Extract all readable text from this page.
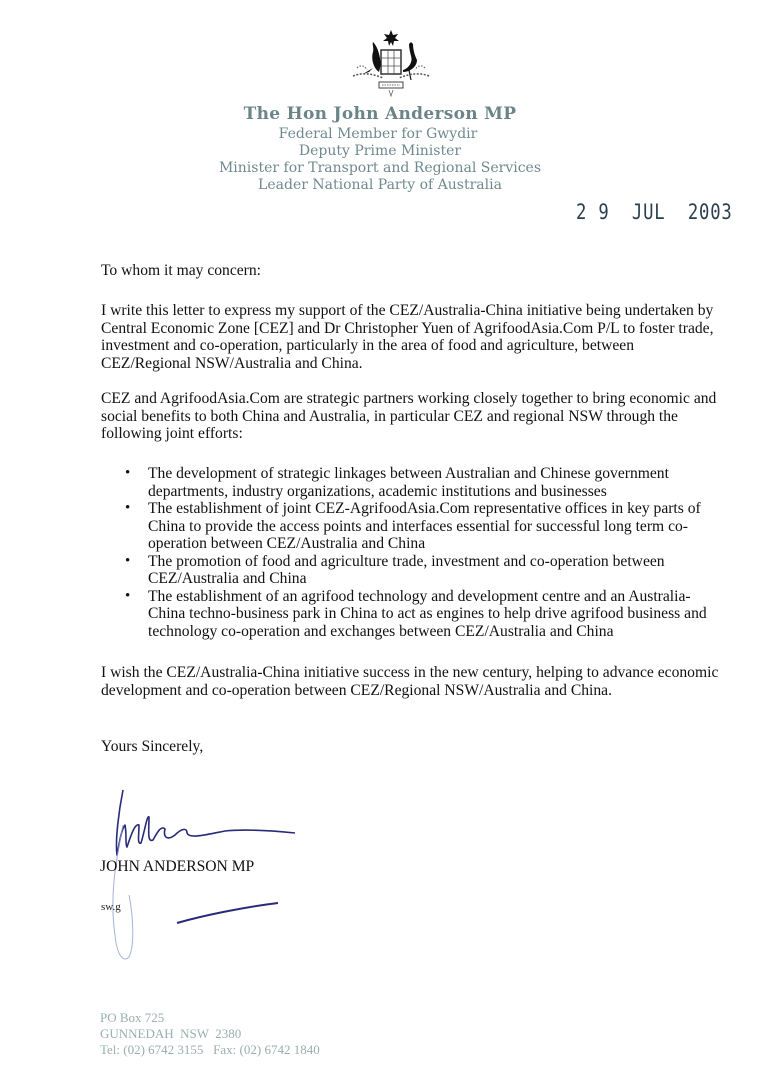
The Hon John Anderson MP
Federal Member for Gwydir
Deputy Prime Minister
Minister for Transport and Regional Services
Leader National Party of Australia
2 9  JUL  2003
To whom it may concern:
I write this letter to express my support of the CEZ/Australia-China initiative being undertaken by Central Economic Zone [CEZ] and Dr Christopher Yuen of AgrifoodAsia.Com P/L to foster trade, investment and co-operation, particularly in the area of food and agriculture, between CEZ/Regional NSW/Australia and China.
CEZ and AgrifoodAsia.Com are strategic partners working closely together to bring economic and social benefits to both China and Australia, in particular CEZ and regional NSW through the following joint efforts:
• The development of strategic linkages between Australian and Chinese government departments, industry organizations, academic institutions and businesses
• The establishment of joint CEZ-AgrifoodAsia.Com representative offices in key parts of China to provide the access points and interfaces essential for successful long term co-operation between CEZ/Australia and China
• The promotion of food and agriculture trade, investment and co-operation between CEZ/Australia and China
• The establishment of an agrifood technology and development centre and an Australia-China techno-business park in China to act as engines to help drive agrifood business and technology co-operation and exchanges between CEZ/Australia and China
I wish the CEZ/Australia-China initiative success in the new century, helping to advance economic development and co-operation between CEZ/Regional NSW/Australia and China.
Yours Sincerely,
JOHN ANDERSON MP
sw.g
PO Box 725
GUNNEDAH  NSW  2380
Tel: (02) 6742 3155   Fax: (02) 6742 1840
